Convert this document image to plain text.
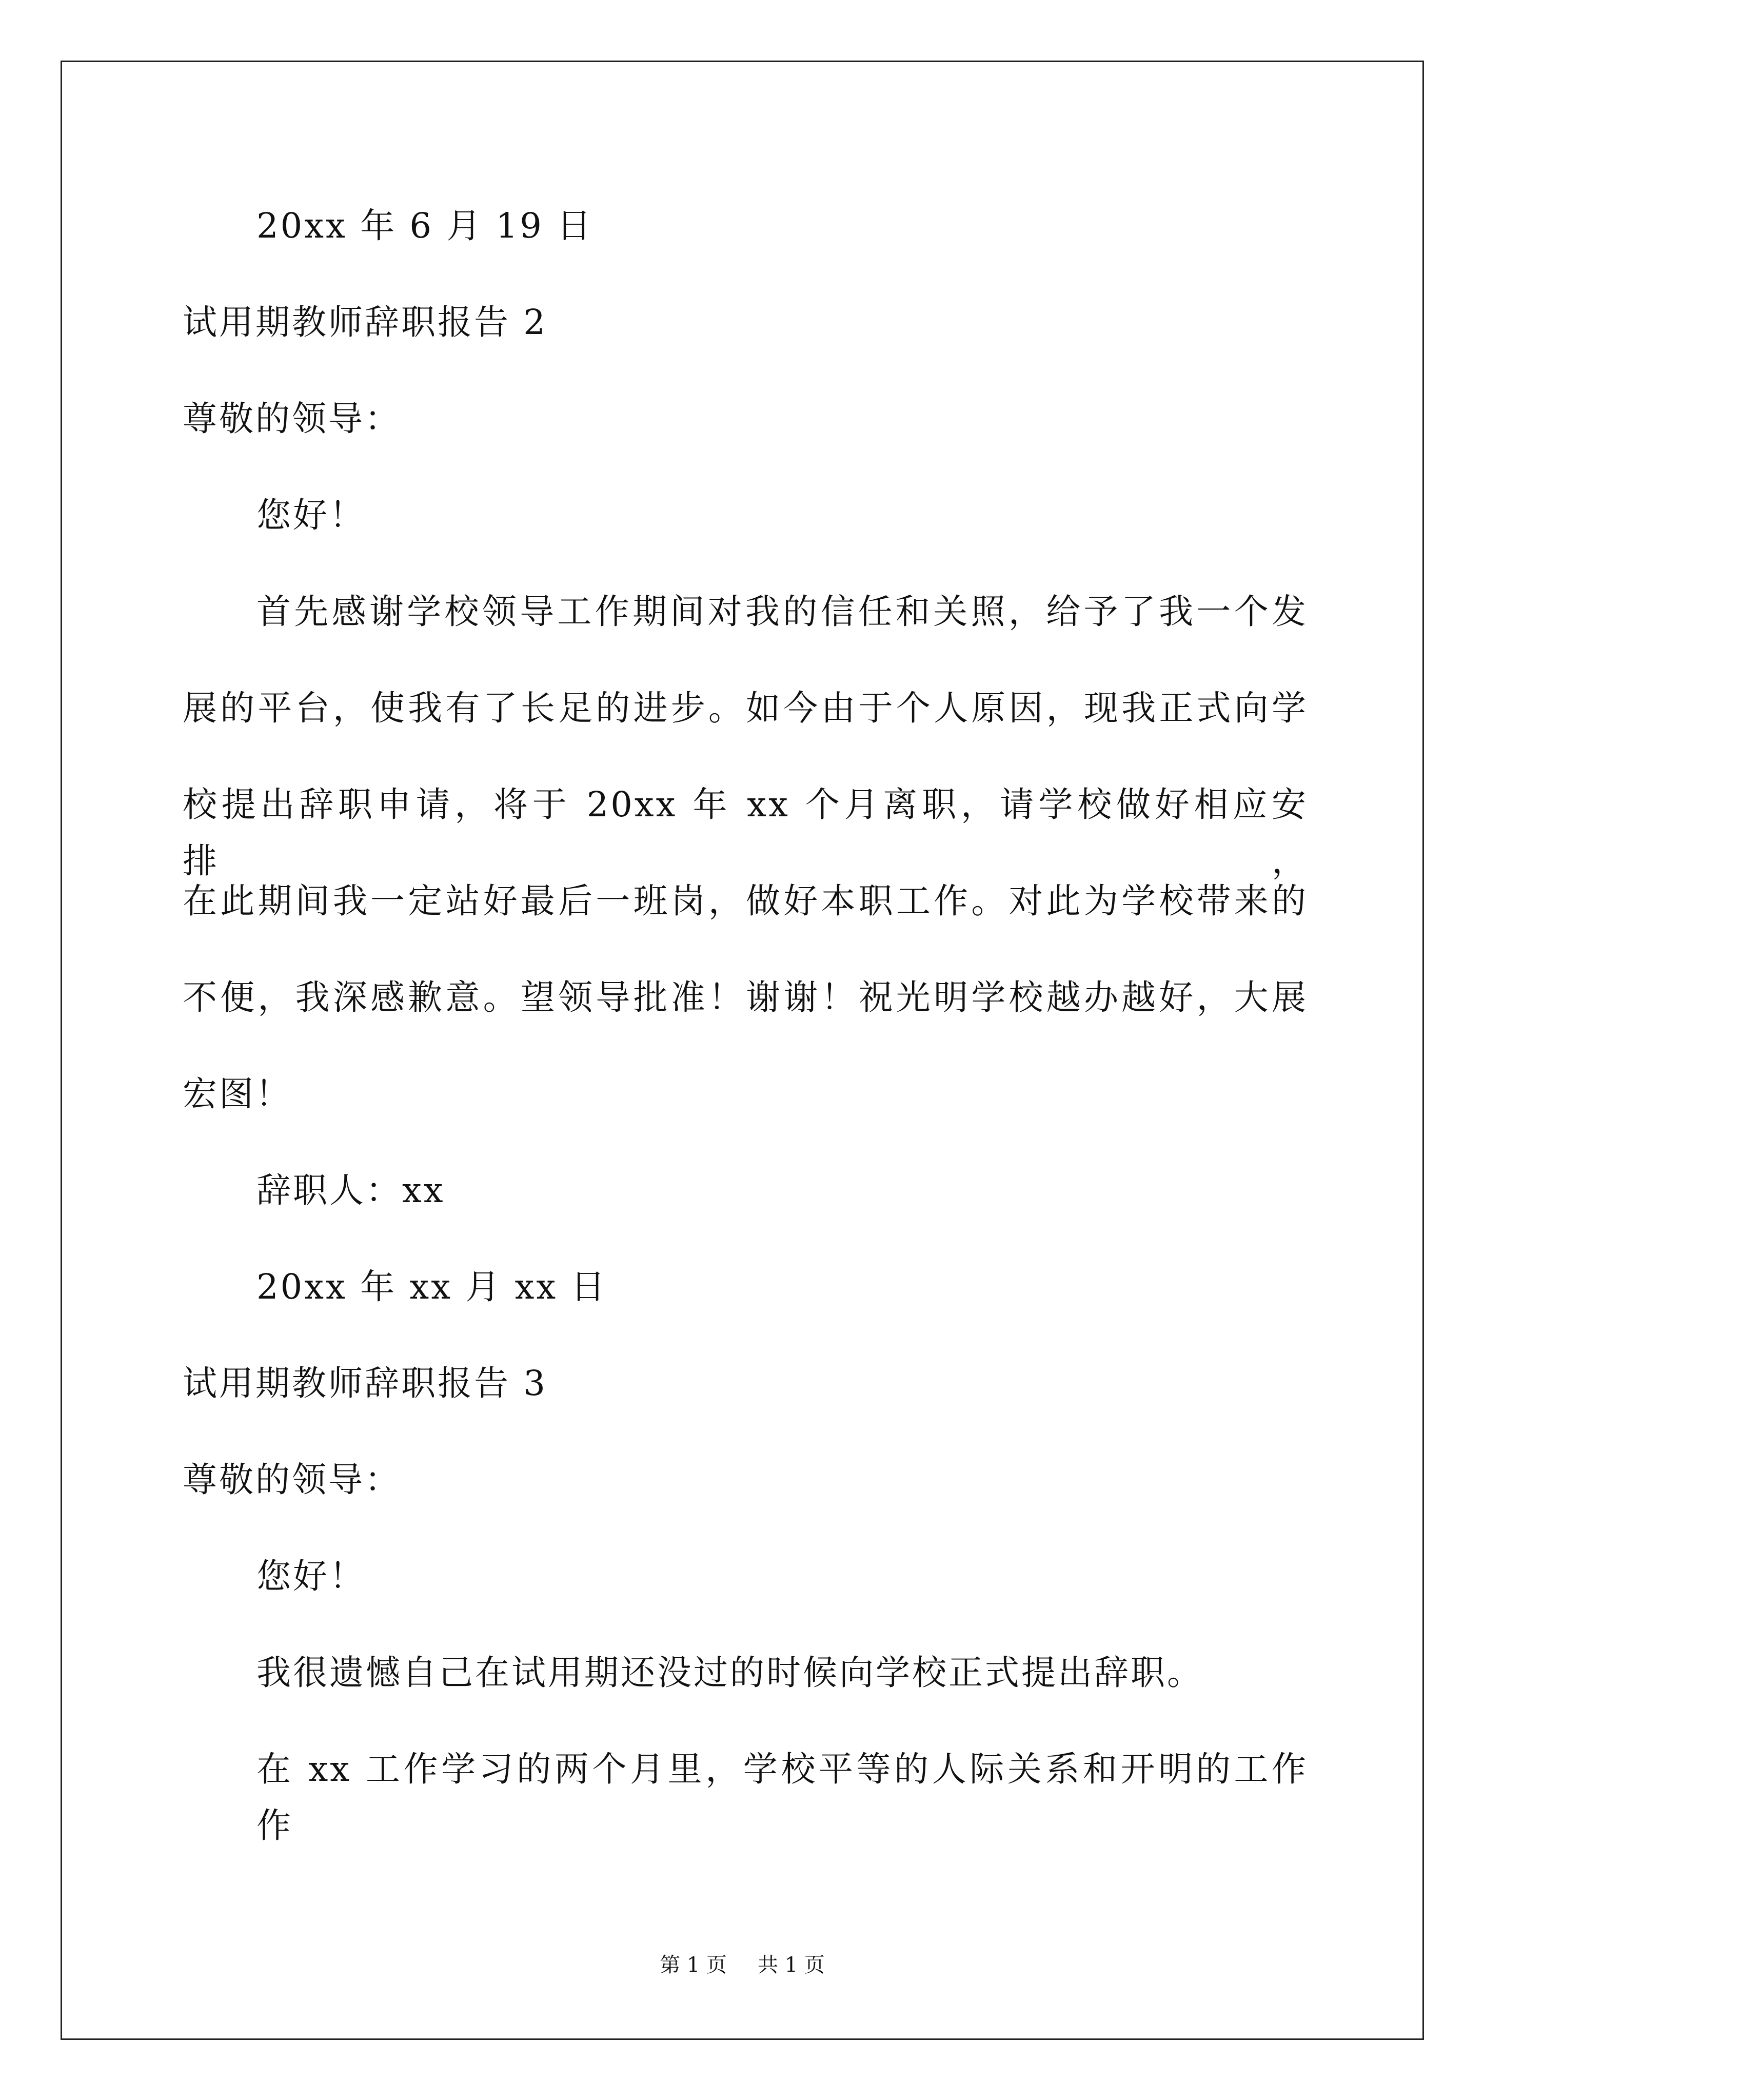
20xx 年 6 月 19 日
试用期教师辞职报告 2
尊敬的领导：
您好！
首先感谢学校领导工作期间对我的信任和关照，给予了我一个发
展的平台，使我有了长足的进步。如今由于个人原因，现我正式向学
校提出辞职申请，将于 20xx 年 xx 个月离职，请学校做好相应安排，
在此期间我一定站好最后一班岗，做好本职工作。对此为学校带来的
不便，我深感歉意。望领导批准！谢谢！祝光明学校越办越好，大展
宏图！
辞职人：xx
20xx 年 xx 月 xx 日
试用期教师辞职报告 3
尊敬的领导：
您好！
我很遗憾自己在试用期还没过的时候向学校正式提出辞职。
在 xx 工作学习的两个月里，学校平等的人际关系和开明的工作作
第 1 页 共 1 页
